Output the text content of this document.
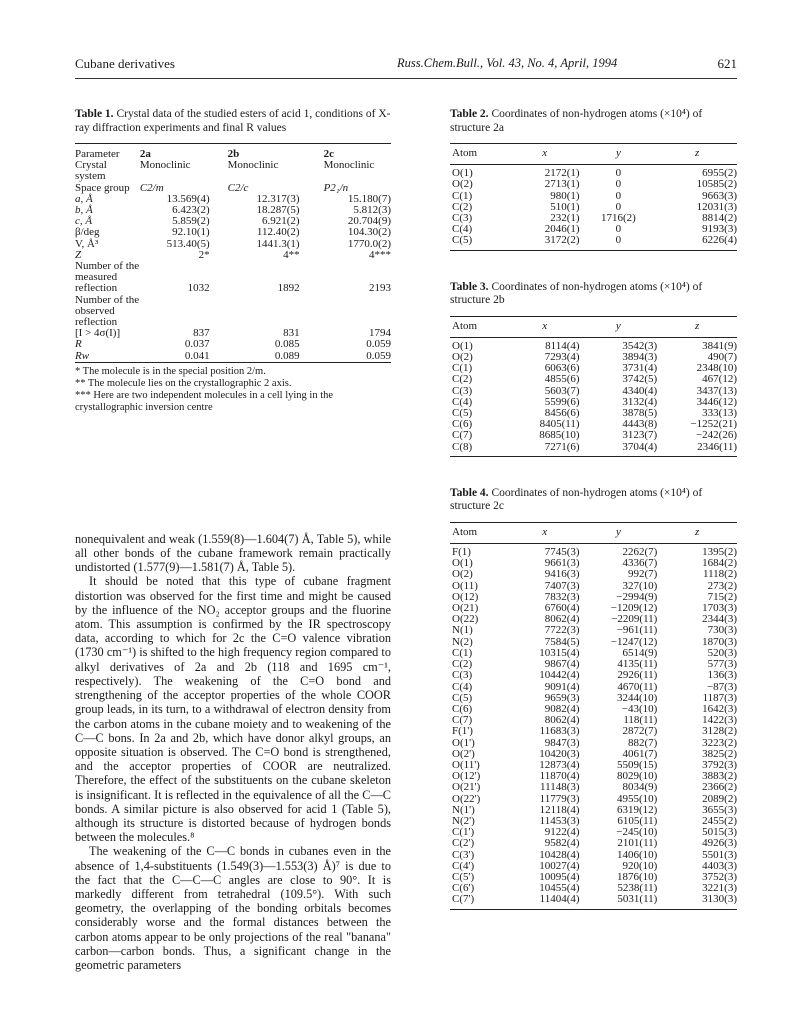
Cubane derivatives	Russ.Chem.Bull., Vol. 43, No. 4, April, 1994	621

Table 1. Crystal data of the studied esters of acid 1, conditions of X-ray diffraction experiments and final R values

Parameter	2a	2b	2c
Crystal system	Monoclinic	Monoclinic	Monoclinic
Space group	C2/m	C2/c	P2₁/n
a, Å	13.569(4)	12.317(3)	15.180(7)
b, Å	6.423(2)	18.287(5)	5.812(3)
c, Å	5.859(2)	6.921(2)	20.704(9)
β/deg	92.10(1)	112.40(2)	104.30(2)
V, Å³	513.40(5)	1441.3(1)	1770.0(2)
Z	2*	4**	4***
Number of the measured reflection	1032	1892	2193
Number of the observed reflection			
[I > 4σ(I)]	837	831	1794
R	0.037	0.085	0.059
Rw	0.041	0.089	0.059
* The molecule is in the special position 2/m.
** The molecule lies on the crystallographic 2 axis.
*** Here are two independent molecules in a cell lying in the crystallographic inversion centre

nonequivalent and weak (1.559(8)—1.604(7) Å, Table 5), while all other bonds of the cubane framework remain practically undistorted (1.577(9)—1.581(7) Å, Table 5).

It should be noted that this type of cubane fragment distortion was observed for the first time and might be caused by the influence of the NO₂ acceptor groups and the fluorine atom. This assumption is confirmed by the IR spectroscopy data, according to which for 2c the C=O valence vibration (1730 cm⁻¹) is shifted to the high frequency region compared to alkyl derivatives of 2a and 2b (118 and 1695 cm⁻¹, respectively). The weakening of the C=O bond and strengthening of the acceptor properties of the whole COOR group leads, in its turn, to a withdrawal of electron density from the carbon atoms in the cubane moiety and to weakening of the C—C bons. In 2a and 2b, which have donor alkyl groups, an opposite situation is observed. The C=O bond is strengthened, and the acceptor properties of COOR are neutralized. Therefore, the effect of the substituents on the cubane skeleton is insignificant. It is reflected in the equivalence of all the C—C bonds. A similar picture is also observed for acid 1 (Table 5), although its structure is distorted because of hydrogen bonds between the molecules.⁸

The weakening of the C—C bonds in cubanes even in the absence of 1,4-substituents (1.549(3)—1.553(3) Å)⁷ is due to the fact that the C—C—C angles are close to 90°. It is markedly different from tetrahedral (109.5°). With such geometry, the overlapping of the bonding orbitals becomes considerably worse and the formal distances between the carbon atoms appear to be only projections of the real "banana" carbon—carbon bonds. Thus, a significant change in the geometric parameters

Table 2. Coordinates of non-hydrogen atoms (×10⁴) of structure 2a

Atom	x	y	z
O(1)	2172(1)	0	6955(2)
O(2)	2713(1)	0	10585(2)
C(1)	980(1)	0	9663(3)
C(2)	510(1)	0	12031(3)
C(3)	232(1)	1716(2)	8814(2)
C(4)	2046(1)	0	9193(3)
C(5)	3172(2)	0	6226(4)

Table 3. Coordinates of non-hydrogen atoms (×10⁴) of structure 2b

Atom	x	y	z
O(1)	8114(4)	3542(3)	3841(9)
O(2)	7293(4)	3894(3)	490(7)
C(1)	6063(6)	3731(4)	2348(10)
C(2)	4855(6)	3742(5)	467(12)
C(3)	5603(7)	4340(4)	3437(13)
C(4)	5599(6)	3132(4)	3446(12)
C(5)	8456(6)	3878(5)	333(13)
C(6)	8405(11)	4443(8)	−1252(21)
C(7)	8685(10)	3123(7)	−242(26)
C(8)	7271(6)	3704(4)	2346(11)

Table 4. Coordinates of non-hydrogen atoms (×10⁴) of structure 2c

Atom	x	y	z
F(1)	7745(3)	2262(7)	1395(2)
O(1)	9661(3)	4336(7)	1684(2)
O(2)	9416(3)	992(7)	1118(2)
O(11)	7407(3)	327(10)	273(2)
O(12)	7832(3)	−2994(9)	715(2)
O(21)	6760(4)	−1209(12)	1703(3)
O(22)	8062(4)	−2209(11)	2344(3)
N(1)	7722(3)	−961(11)	730(3)
N(2)	7584(5)	−1247(12)	1870(3)
C(1)	10315(4)	6514(9)	520(3)
C(2)	9867(4)	4135(11)	577(3)
C(3)	10442(4)	2926(11)	136(3)
C(4)	9091(4)	4670(11)	−87(3)
C(5)	9659(3)	3244(10)	1187(3)
C(6)	9082(4)	−43(10)	1642(3)
C(7)	8062(4)	118(11)	1422(3)
F(1')	11683(3)	2872(7)	3128(2)
O(1')	9847(3)	882(7)	3223(2)
O(2')	10420(3)	4061(7)	3825(2)
O(11')	12873(4)	5509(15)	3792(3)
O(12')	11870(4)	8029(10)	3883(2)
O(21')	11148(3)	8034(9)	2366(2)
O(22')	11779(3)	4955(10)	2089(2)
N(1')	12118(4)	6319(12)	3655(3)
N(2')	11453(3)	6105(11)	2455(2)
C(1')	9122(4)	−245(10)	5015(3)
C(2')	9582(4)	2101(11)	4926(3)
C(3')	10428(4)	1406(10)	5501(3)
C(4')	10027(4)	920(10)	4403(3)
C(5')	10095(4)	1876(10)	3752(3)
C(6')	10455(4)	5238(11)	3221(3)
C(7')	11404(4)	5031(11)	3130(3)
